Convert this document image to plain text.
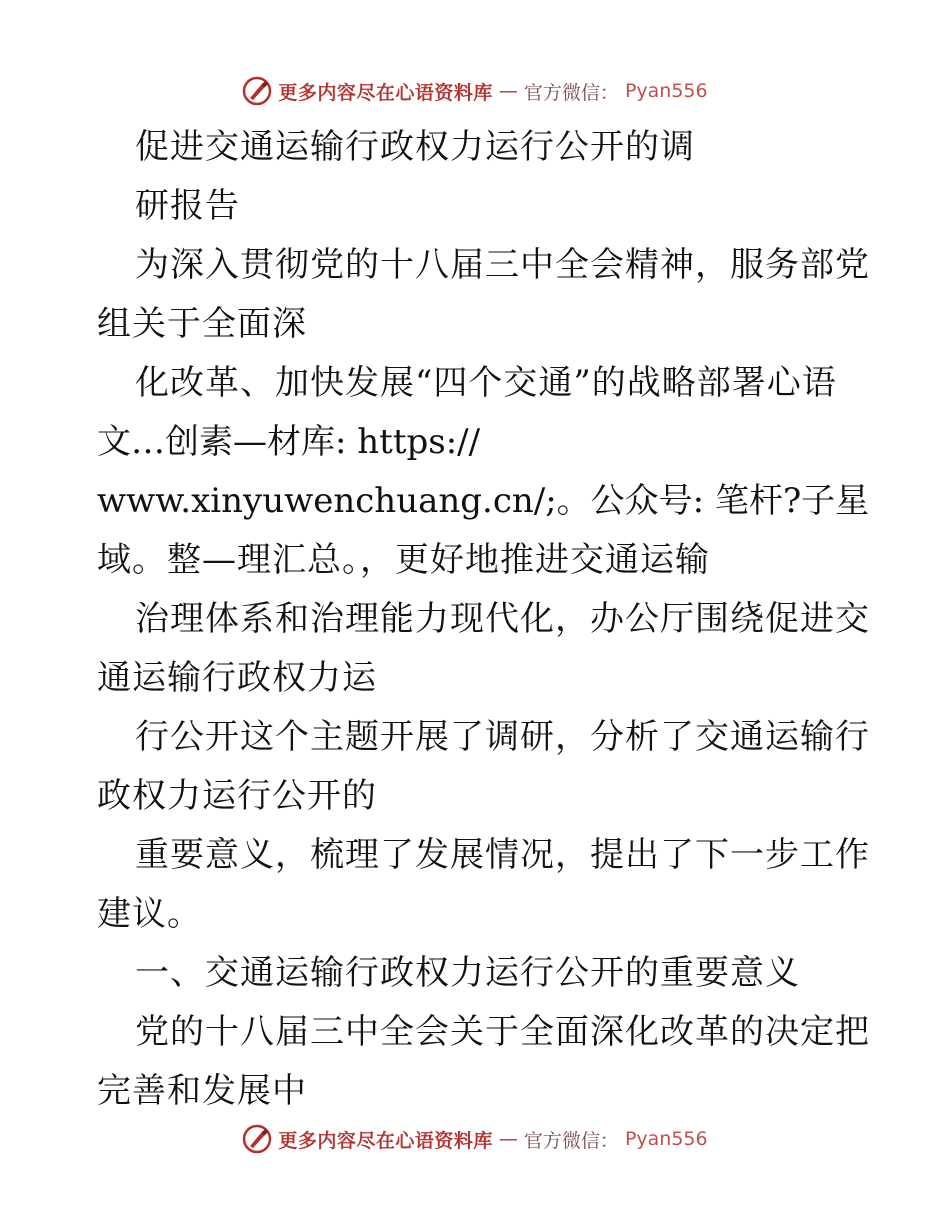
更多内容尽在心语资料库 — 官方微信： Pyan556
促进交通运输行政权力运行公开的调
研报告
为深入贯彻党的十八届三中全会精神，服务部党
组关于全面深
化改革、加快发展“四个交通”的战略部署心语
文…创素—材库: https://
www.xinyuwenchuang.cn/;。公众号: 笔杆?子星
域。整—理汇总。，更好地推进交通运输
治理体系和治理能力现代化，办公厅围绕促进交
通运输行政权力运
行公开这个主题开展了调研，分析了交通运输行
政权力运行公开的
重要意义，梳理了发展情况，提出了下一步工作
建议。
一、交通运输行政权力运行公开的重要意义
党的十八届三中全会关于全面深化改革的决定把
完善和发展中
更多内容尽在心语资料库 — 官方微信： Pyan556
